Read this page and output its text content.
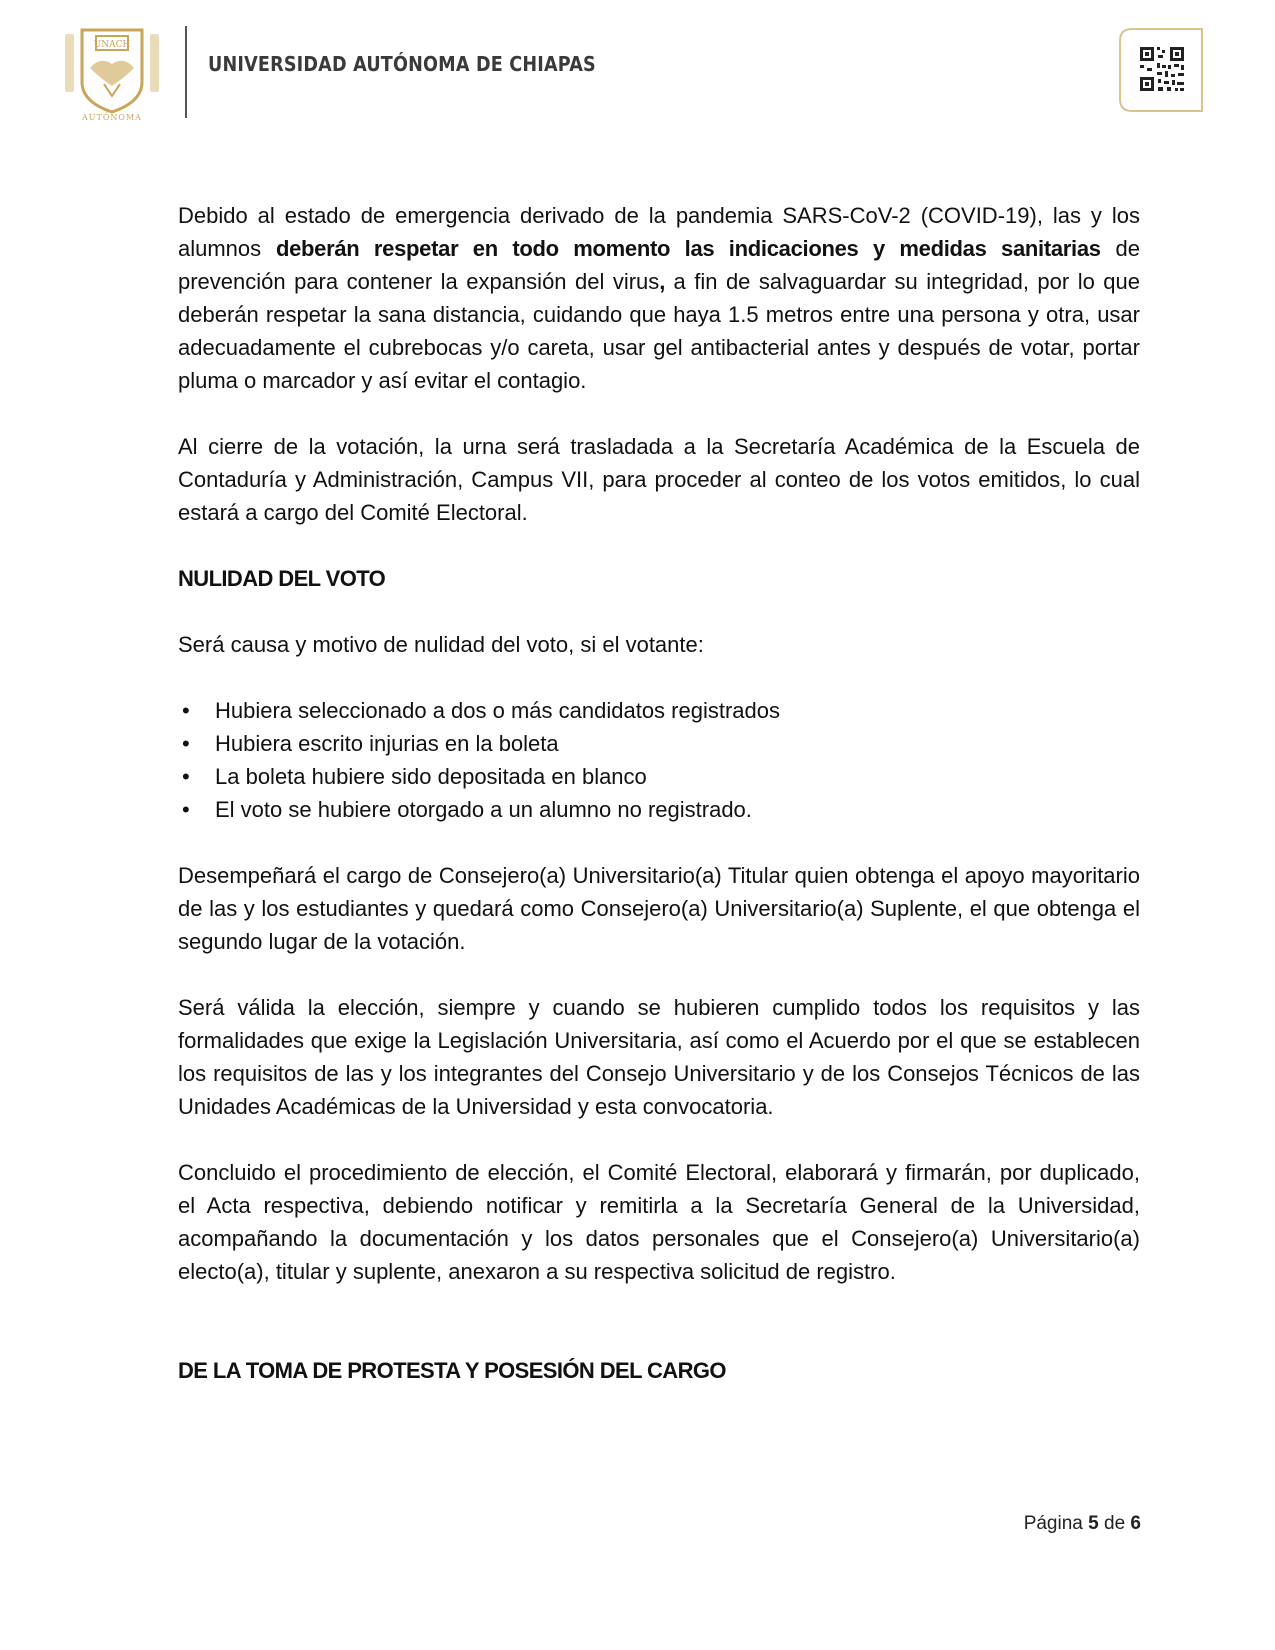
UNACH
AUTÓNOMA
UNIVERSIDAD AUTÓNOMA DE CHIAPAS

Debido al estado de emergencia derivado de la pandemia SARS-CoV-2 (COVID-19), las y los alumnos deberán respetar en todo momento las indicaciones y medidas sanitarias de prevención para contener la expansión del virus, a fin de salvaguardar su integridad, por lo que deberán respetar la sana distancia, cuidando que haya 1.5 metros entre una persona y otra, usar adecuadamente el cubrebocas y/o careta, usar gel antibacterial antes y después de votar, portar pluma o marcador y así evitar el contagio.

Al cierre de la votación, la urna será trasladada a la Secretaría Académica de la Escuela de Contaduría y Administración, Campus VII, para proceder al conteo de los votos emitidos, lo cual estará a cargo del Comité Electoral.

NULIDAD DEL VOTO

Será causa y motivo de nulidad del voto, si el votante:

• Hubiera seleccionado a dos o más candidatos registrados
• Hubiera escrito injurias en la boleta
• La boleta hubiere sido depositada en blanco
• El voto se hubiere otorgado a un alumno no registrado.

Desempeñará el cargo de Consejero(a) Universitario(a) Titular quien obtenga el apoyo mayoritario de las y los estudiantes y quedará como Consejero(a) Universitario(a) Suplente, el que obtenga el segundo lugar de la votación.

Será válida la elección, siempre y cuando se hubieren cumplido todos los requisitos y las formalidades que exige la Legislación Universitaria, así como el Acuerdo por el que se establecen los requisitos de las y los integrantes del Consejo Universitario y de los Consejos Técnicos de las Unidades Académicas de la Universidad y esta convocatoria.

Concluido el procedimiento de elección, el Comité Electoral, elaborará y firmarán, por duplicado, el Acta respectiva, debiendo notificar y remitirla a la Secretaría General de la Universidad, acompañando la documentación y los datos personales que el Consejero(a) Universitario(a) electo(a), titular y suplente, anexaron a su respectiva solicitud de registro.

DE LA TOMA DE PROTESTA Y POSESIÓN DEL CARGO

Página 5 de 6
